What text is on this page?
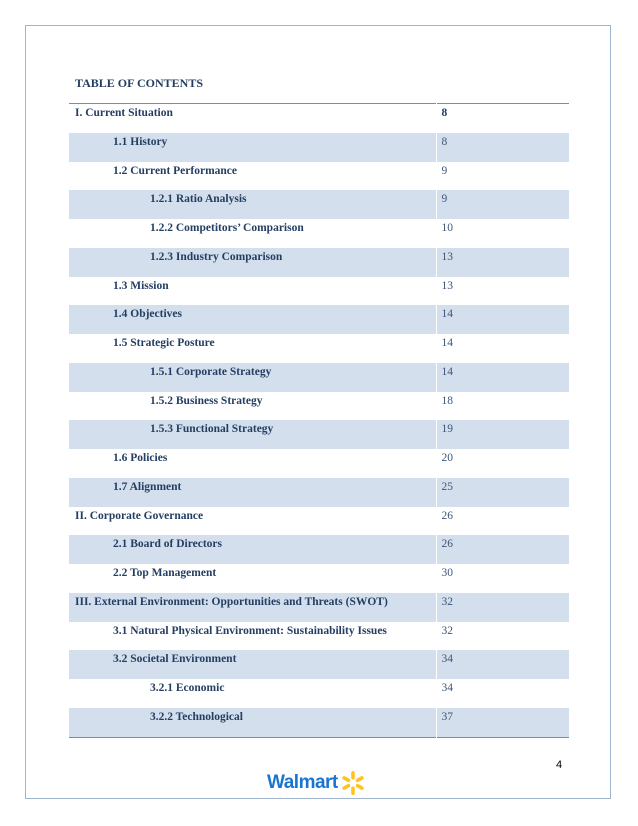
TABLE OF CONTENTS
I. Current Situation	8

1.1 History	8

1.2 Current Performance	9

1.2.1 Ratio Analysis	9

1.2.2 Competitors’ Comparison	10

1.2.3 Industry Comparison	13

1.3 Mission	13

1.4 Objectives	14

1.5 Strategic Posture	14

1.5.1 Corporate Strategy	14

1.5.2 Business Strategy	18

1.5.3 Functional Strategy	19

1.6 Policies	20

1.7 Alignment	25

II. Corporate Governance	26

2.1 Board of Directors	26

2.2 Top Management	30

III. External Environment: Opportunities and Threats (SWOT)	32

3.1 Natural Physical Environment: Sustainability Issues	32

3.2 Societal Environment	34

3.2.1 Economic	34

3.2.2 Technological	37
4
Walmart
